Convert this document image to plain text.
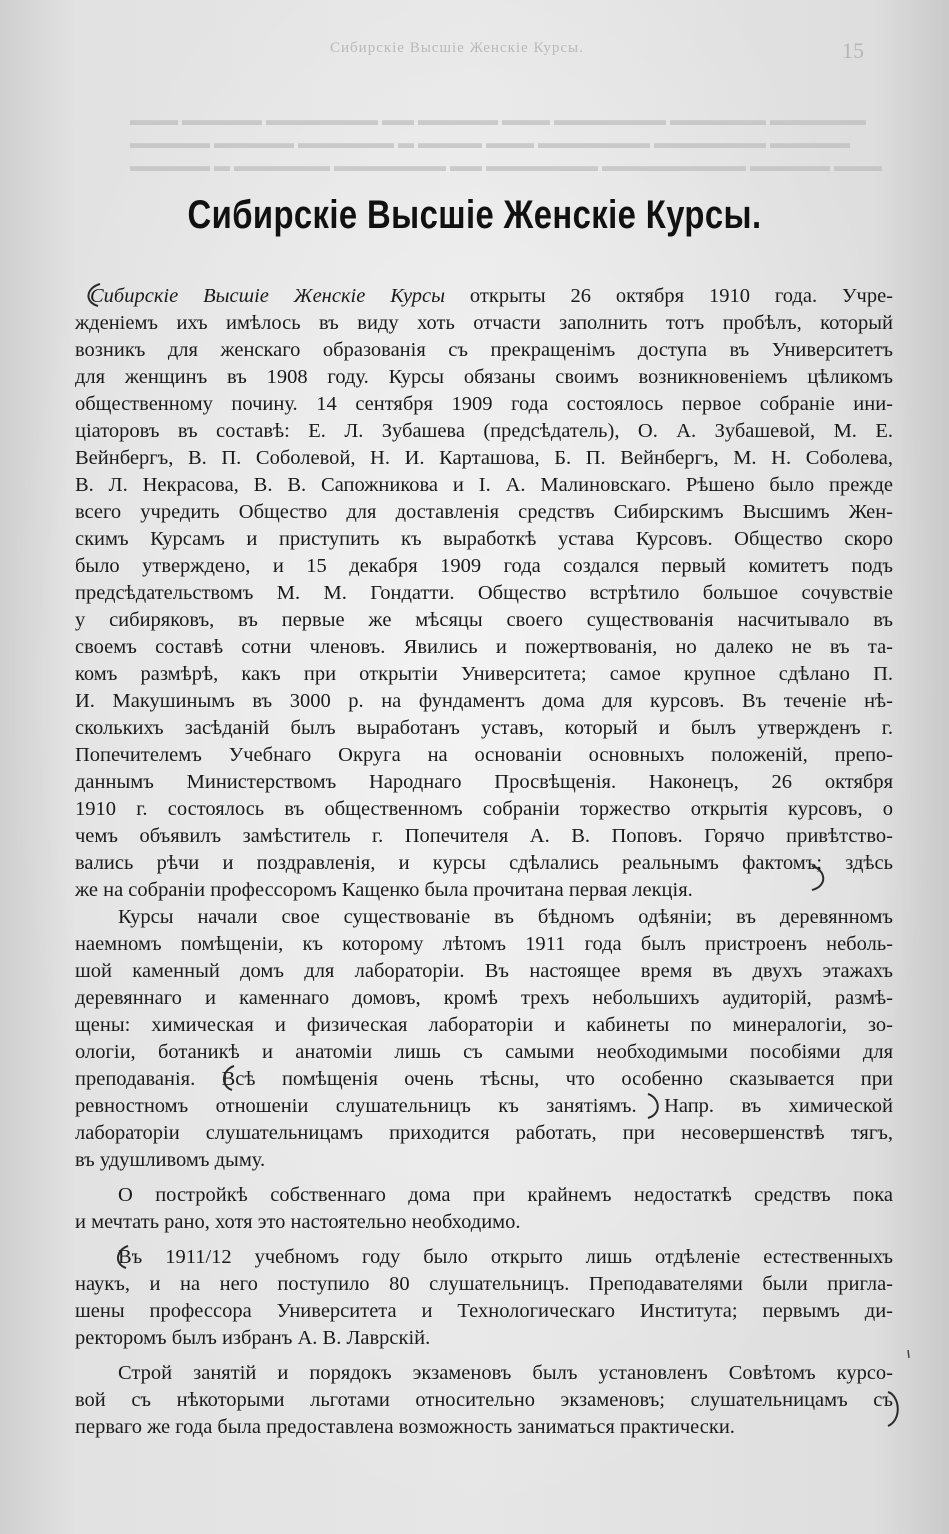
Сибирскіе Высшіе Женскіе Курсы.	15
▬▬▬ ▬▬▬▬▬ ▬▬▬▬▬▬▬ ▬▬ ▬▬▬▬▬ ▬▬▬ ▬▬▬▬▬▬▬ ▬▬▬▬▬▬ ▬▬▬▬▬▬
▬▬▬▬▬ ▬▬▬▬▬ ▬▬▬▬▬▬ ▬ ▬▬▬▬ ▬▬▬ ▬▬▬▬▬▬▬ ▬▬▬▬▬▬▬ ▬▬▬▬▬
▬▬▬▬▬ ▬ ▬▬▬▬▬▬ ▬▬▬▬▬▬▬ ▬▬ ▬▬▬▬▬▬▬ ▬▬▬▬▬▬▬▬▬ ▬▬▬▬▬ ▬▬▬
Сибирскіе Высшіе Женскіе Курсы.
Сибирскіе Высшіе Женскіе Курсы открыты 26 октября 1910 года. Учре-
жденіемъ ихъ имѣлось въ виду хоть отчасти заполнить тотъ пробѣлъ, который
возникъ для женскаго образованія съ прекращенімъ доступа въ Университетъ
для женщинъ въ 1908 году. Курсы обязаны своимъ возникновеніемъ цѣликомъ
общественному почину. 14 сентября 1909 года состоялось первое собраніе ини-
ціаторовъ въ составѣ: Е. Л. Зубашева (предсѣдатель), О. А. Зубашевой, М. Е.
Вейнбергъ, В. П. Соболевой, Н. И. Карташова, Б. П. Вейнбергъ, М. Н. Соболева,
В. Л. Некрасова, В. В. Сапожникова и І. А. Малиновскаго. Рѣшено было прежде
всего учредить Общество для доставленія средствъ Сибирскимъ Высшимъ Жен-
скимъ Курсамъ и приступить къ выработкѣ устава Курсовъ. Общество скоро
было утверждено, и 15 декабря 1909 года создался первый комитетъ подъ
предсѣдательствомъ М. М. Гондатти. Общество встрѣтило большое сочувствіе
у сибиряковъ, въ первые же мѣсяцы своего существованія насчитывало въ
своемъ составѣ сотни членовъ. Явились и пожертвованія, но далеко не въ та-
комъ размѣрѣ, какъ при открытіи Университета; самое крупное сдѣлано П.
И. Макушинымъ въ 3000 р. на фундаментъ дома для курсовъ. Въ теченіе нѣ-
сколькихъ засѣданій былъ выработанъ уставъ, который и былъ утвержденъ г.
Попечителемъ Учебнаго Округа на основаніи основныхъ положеній, препо-
даннымъ Министерствомъ Народнаго Просвѣщенія. Наконецъ, 26 октября
1910 г. состоялось въ общественномъ собраніи торжество открытія курсовъ, о
чемъ объявилъ замѣститель г. Попечителя А. В. Поповъ. Горячо привѣтство-
вались рѣчи и поздравленія, и курсы сдѣлались реальнымъ фактомъ; здѣсь
же на собраніи профессоромъ Кащенко была прочитана первая лекція.
Курсы начали свое существованіе въ бѣдномъ одѣяніи; въ деревянномъ
наемномъ помѣщеніи, къ которому лѣтомъ 1911 года былъ пристроенъ неболь-
шой каменный домъ для лабораторіи. Въ настоящее время въ двухъ этажахъ
деревяннаго и каменнаго домовъ, кромѣ трехъ небольшихъ аудиторій, размѣ-
щены: химическая и физическая лабораторіи и кабинеты по минералогіи, зо-
ологіи, ботаникѣ и анатоміи лишь съ самыми необходимыми пособіями для
преподаванія. Всѣ помѣщенія очень тѣсны, что особенно сказывается при
ревностномъ отношеніи слушательницъ къ занятіямъ. Напр. въ химической
лабораторіи слушательницамъ приходится работать, при несовершенствѣ тягъ,
въ удушливомъ дыму.
О постройкѣ собственнаго дома при крайнемъ недостаткѣ средствъ пока
и мечтать рано, хотя это настоятельно необходимо.
Въ 1911/12 учебномъ году было открыто лишь отдѣленіе естественныхъ
наукъ, и на него поступило 80 слушательницъ. Преподавателями были пригла-
шены профессора Университета и Технологическаго Института; первымъ ди-
ректоромъ былъ избранъ А. В. Лаврскій.
Строй занятій и порядокъ экзаменовъ былъ установленъ Совѣтомъ курсо-
вой съ нѣкоторыми льготами относительно экзаменовъ; слушательницамъ съ
перваго же года была предоставлена возможность заниматься практически.
